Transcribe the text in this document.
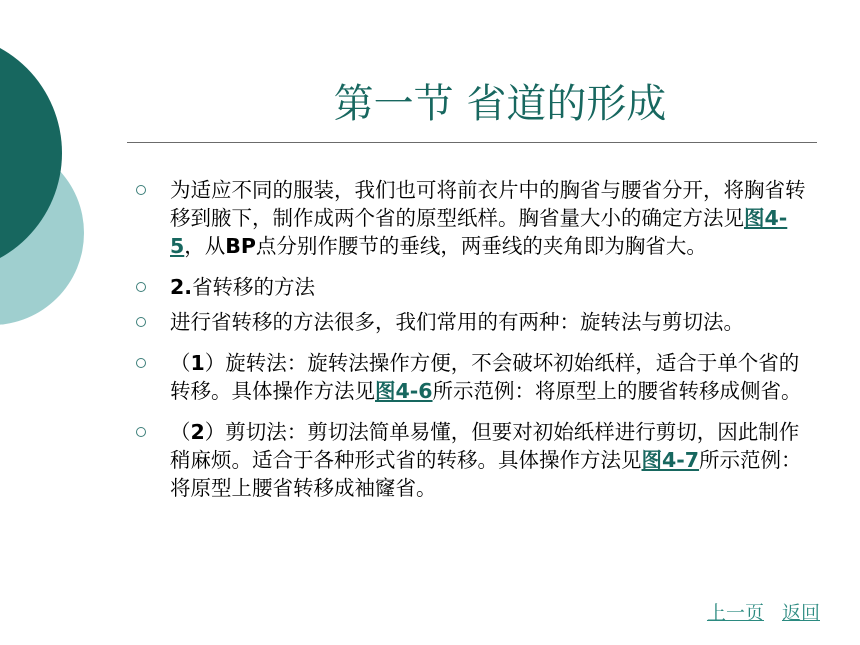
第一节 省道的形成
为适应不同的服装，我们也可将前衣片中的胸省与腰省分开，将胸省转移到腋下，制作成两个省的原型纸样。胸省量大小的确定方法见图4-5，从BP点分别作腰节的垂线，两垂线的夹角即为胸省大。
2.省转移的方法
进行省转移的方法很多，我们常用的有两种：旋转法与剪切法。
（1）旋转法：旋转法操作方便，不会破坏初始纸样，适合于单个省的转移。具体操作方法见图4-6所示范例：将原型上的腰省转移成侧省。
（2）剪切法：剪切法简单易懂，但要对初始纸样进行剪切，因此制作稍麻烦。适合于各种形式省的转移。具体操作方法见图4-7所示范例：将原型上腰省转移成袖窿省。
上一页 返回
